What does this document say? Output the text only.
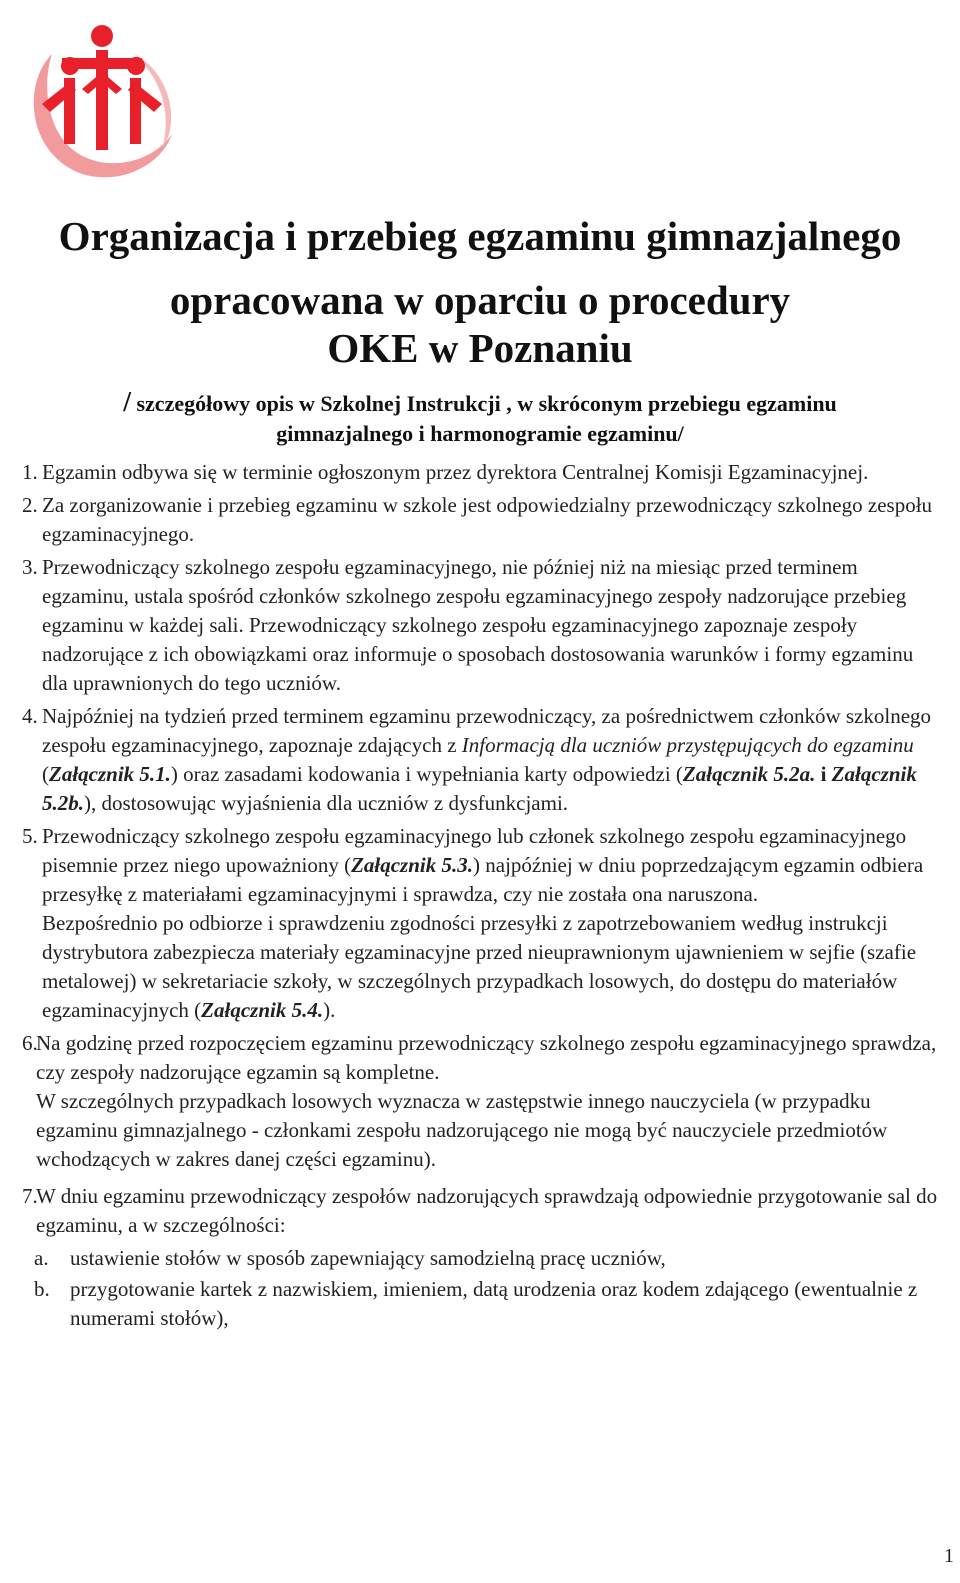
Organizacja i przebieg egzaminu gimnazjalnego
opracowana w oparciu o procedury
OKE w Poznaniu
/ szczegółowy opis w Szkolnej Instrukcji , w skróconym przebiegu egzaminu gimnazjalnego i harmonogramie egzaminu/
1. Egzamin odbywa się w terminie ogłoszonym przez dyrektora Centralnej Komisji Egzaminacyjnej.
2. Za zorganizowanie i przebieg egzaminu w szkole jest odpowiedzialny przewodniczący szkolnego zespołu egzaminacyjnego.
3. Przewodniczący szkolnego zespołu egzaminacyjnego, nie później niż na miesiąc przed terminem egzaminu, ustala spośród członków szkolnego zespołu egzaminacyjnego zespoły nadzorujące przebieg egzaminu w każdej sali. Przewodniczący szkolnego zespołu egzaminacyjnego zapoznaje zespoły nadzorujące z ich obowiązkami oraz informuje o sposobach dostosowania warunków i formy egzaminu dla uprawnionych do tego uczniów.
4. Najpóźniej na tydzień przed terminem egzaminu przewodniczący, za pośrednictwem członków szkolnego zespołu egzaminacyjnego, zapoznaje zdających z Informacją dla uczniów przystępujących do egzaminu (Załącznik 5.1.) oraz zasadami kodowania i wypełniania karty odpowiedzi (Załącznik 5.2a. i Załącznik 5.2b.), dostosowując wyjaśnienia dla uczniów z dysfunkcjami.
5. Przewodniczący szkolnego zespołu egzaminacyjnego lub członek szkolnego zespołu egzaminacyjnego pisemnie przez niego upoważniony (Załącznik 5.3.) najpóźniej w dniu poprzedzającym egzamin odbiera przesyłkę z materiałami egzaminacyjnymi i sprawdza, czy nie została ona naruszona.
Bezpośrednio po odbiorze i sprawdzeniu zgodności przesyłki z zapotrzebowaniem według instrukcji dystrybutora zabezpiecza materiały egzaminacyjne przed nieuprawnionym ujawnieniem w sejfie (szafie metalowej) w sekretariacie szkoły, w szczególnych przypadkach losowych, do dostępu do materiałów egzaminacyjnych (Załącznik 5.4.).
6.
Na godzinę przed rozpoczęciem egzaminu przewodniczący szkolnego zespołu egzaminacyjnego sprawdza, czy zespoły nadzorujące egzamin są kompletne.
W szczególnych przypadkach losowych wyznacza w zastępstwie innego nauczyciela (w przypadku egzaminu gimnazjalnego - członkami zespołu nadzorującego nie mogą być nauczyciele przedmiotów wchodzących w zakres danej części egzaminu).
7.
W dniu egzaminu przewodniczący zespołów nadzorujących sprawdzają odpowiednie przygotowanie sal do egzaminu, a w szczególności:
a. ustawienie stołów w sposób zapewniający samodzielną pracę uczniów,
b. przygotowanie kartek z nazwiskiem, imieniem, datą urodzenia oraz kodem zdającego (ewentualnie z numerami stołów),
1
